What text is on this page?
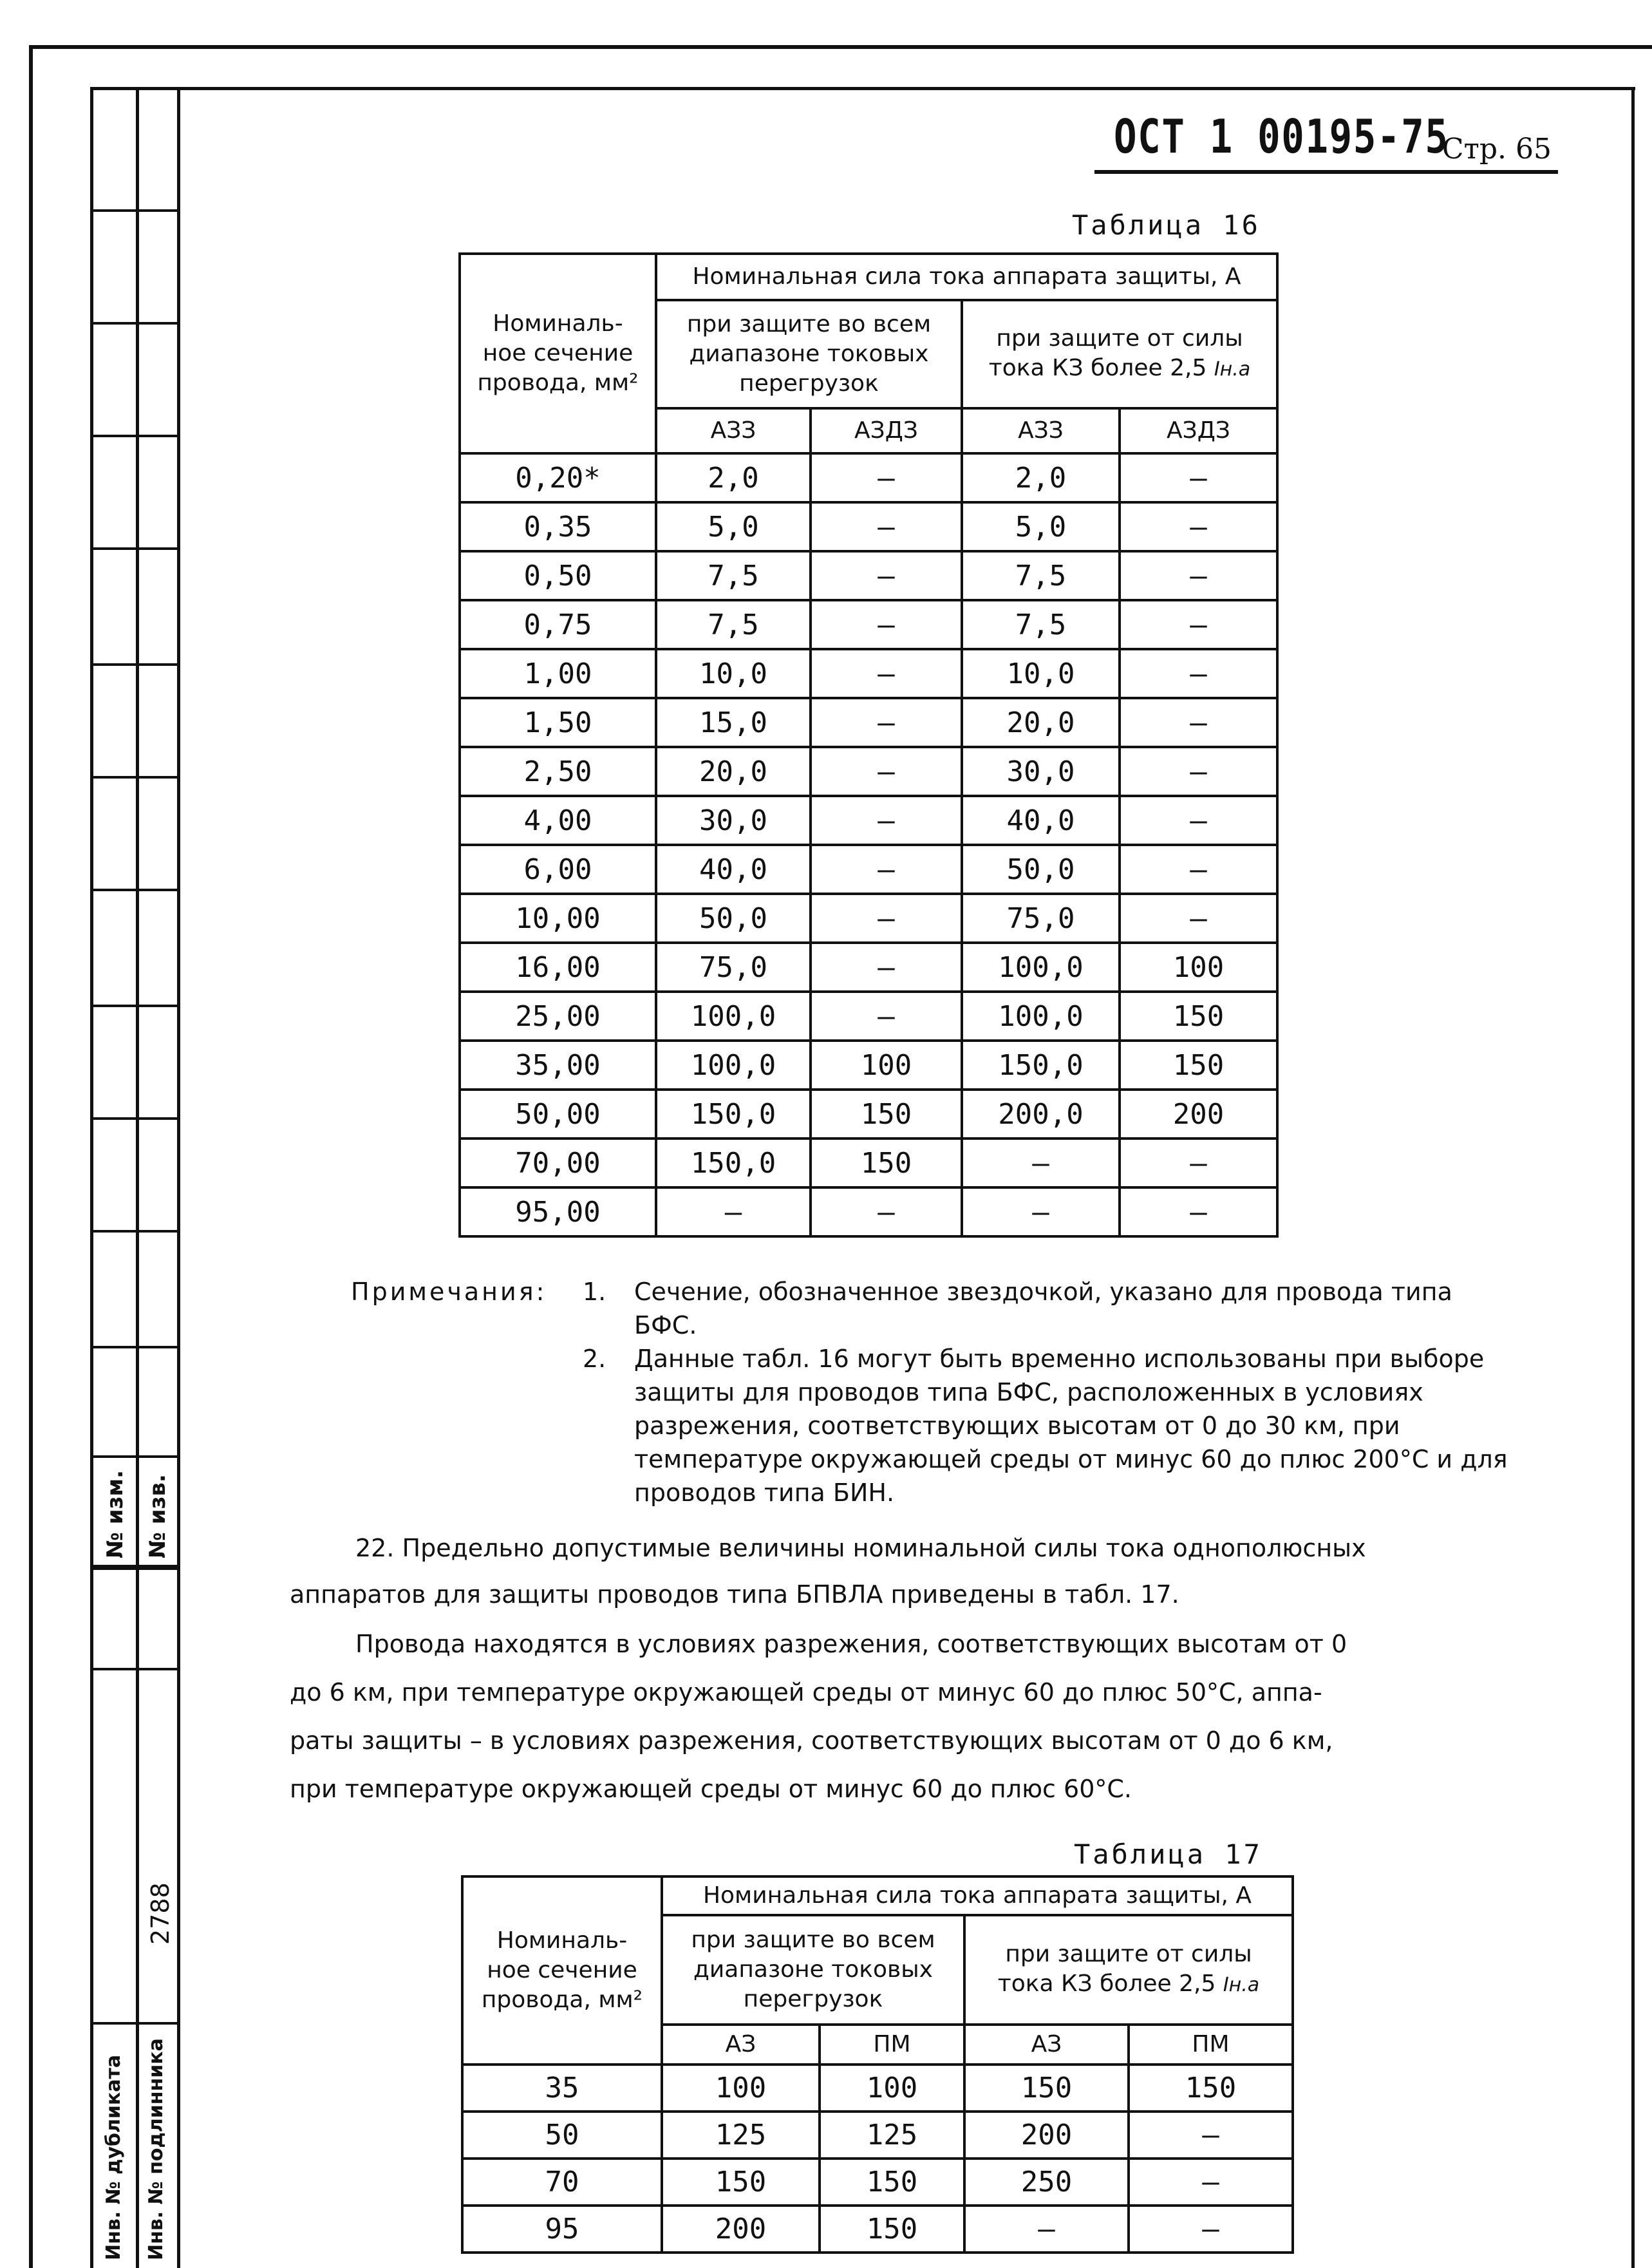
№ изм. № изв.
2788
Инв. № дубликата Инв. № подлинника
ОСТ 1 00195-75
Стр. 65
Таблица 16
Номиналь-ное сечение провода, мм²	Номинальная сила тока аппарата защиты, А			
	при защите во всем диапазоне токовых перегрузок		при защите от силы тока КЗ более 2,5 Iн.а	
	АЗЗ	АЗДЗ	АЗЗ	АЗДЗ
0,20*	2,0	–	2,0	–
0,35	5,0	–	5,0	–
0,50	7,5	–	7,5	–
0,75	7,5	–	7,5	–
1,00	10,0	–	10,0	–
1,50	15,0	–	20,0	–
2,50	20,0	–	30,0	–
4,00	30,0	–	40,0	–
6,00	40,0	–	50,0	–
10,00	50,0	–	75,0	–
16,00	75,0	–	100,0	100
25,00	100,0	–	100,0	150
35,00	100,0	100	150,0	150
50,00	150,0	150	200,0	200
70,00	150,0	150	–	–
95,00	–	–	–	–
Примечания: 1. Сечение, обозначенное звездочкой, указано для провода типа БФС.
2. Данные табл. 16 могут быть временно использованы при выборе защиты для проводов типа БФС, расположенных в условиях разрежения, соответствующих высотам от 0 до 30 км, при температуре окружающей среды от минус 60 до плюс 200°С и для проводов типа БИН.
22. Предельно допустимые величины номинальной силы тока однополюсных
аппаратов для защиты проводов типа БПВЛА приведены в табл. 17.
Провода находятся в условиях разрежения, соответствующих высотам от 0
до 6 км, при температуре окружающей среды от минус 60 до плюс 50°С, аппа-
раты защиты – в условиях разрежения, соответствующих высотам от 0 до 6 км,
при температуре окружающей среды от минус 60 до плюс 60°С.
Таблица 17
Номиналь-ное сечение провода, мм²	Номинальная сила тока аппарата защиты, А			
	при защите во всем диапазоне токовых перегрузок		при защите от силы тока КЗ более 2,5 Iн.а	
	АЗ	ПМ	АЗ	ПМ
35	100	100	150	150
50	125	125	200	–
70	150	150	250	–
95	200	150	–	–
